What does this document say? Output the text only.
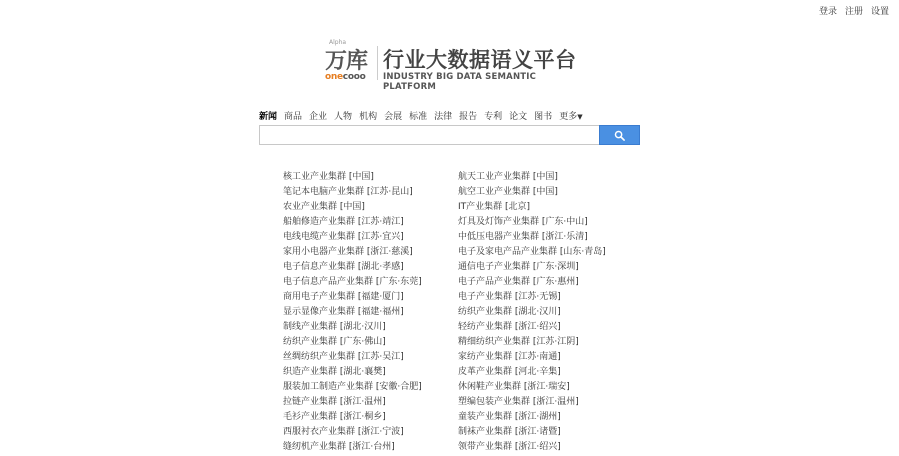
登录 注册 设置
Alpha
万库
onecooo
行业大数据语义平台
INDUSTRY BIG DATA SEMANTIC PLATFORM
新闻 商品 企业 人物 机构 会展 标准 法律 报告 专利 论文 图书 更多▼
核工业产业集群 [中国]
笔记本电脑产业集群 [江苏·昆山]
农业产业集群 [中国]
船舶修造产业集群 [江苏·靖江]
电线电缆产业集群 [江苏·宜兴]
家用小电器产业集群 [浙江·慈溪]
电子信息产业集群 [湖北·孝感]
电子信息产品产业集群 [广东·东莞]
商用电子产业集群 [福建·厦门]
显示显像产业集群 [福建·福州]
制线产业集群 [湖北·汉川]
纺织产业集群 [广东·佛山]
丝绸纺织产业集群 [江苏·吴江]
织造产业集群 [湖北·襄樊]
服装加工制造产业集群 [安徽·合肥]
拉链产业集群 [浙江·温州]
毛衫产业集群 [浙江·桐乡]
西服衬衣产业集群 [浙江·宁波]
缝纫机产业集群 [浙江·台州]
航天工业产业集群 [中国]
航空工业产业集群 [中国]
IT产业集群 [北京]
灯具及灯饰产业集群 [广东·中山]
中低压电器产业集群 [浙江·乐清]
电子及家电产品产业集群 [山东·青岛]
通信电子产业集群 [广东·深圳]
电子产品产业集群 [广东·惠州]
电子产业集群 [江苏·无锡]
纺织产业集群 [湖北·汉川]
轻纺产业集群 [浙江·绍兴]
精细纺织产业集群 [江苏·江阴]
家纺产业集群 [江苏·南通]
皮革产业集群 [河北·辛集]
休闲鞋产业集群 [浙江·瑞安]
塑编包装产业集群 [浙江·温州]
童装产业集群 [浙江·湖州]
制袜产业集群 [浙江·诸暨]
领带产业集群 [浙江·绍兴]
